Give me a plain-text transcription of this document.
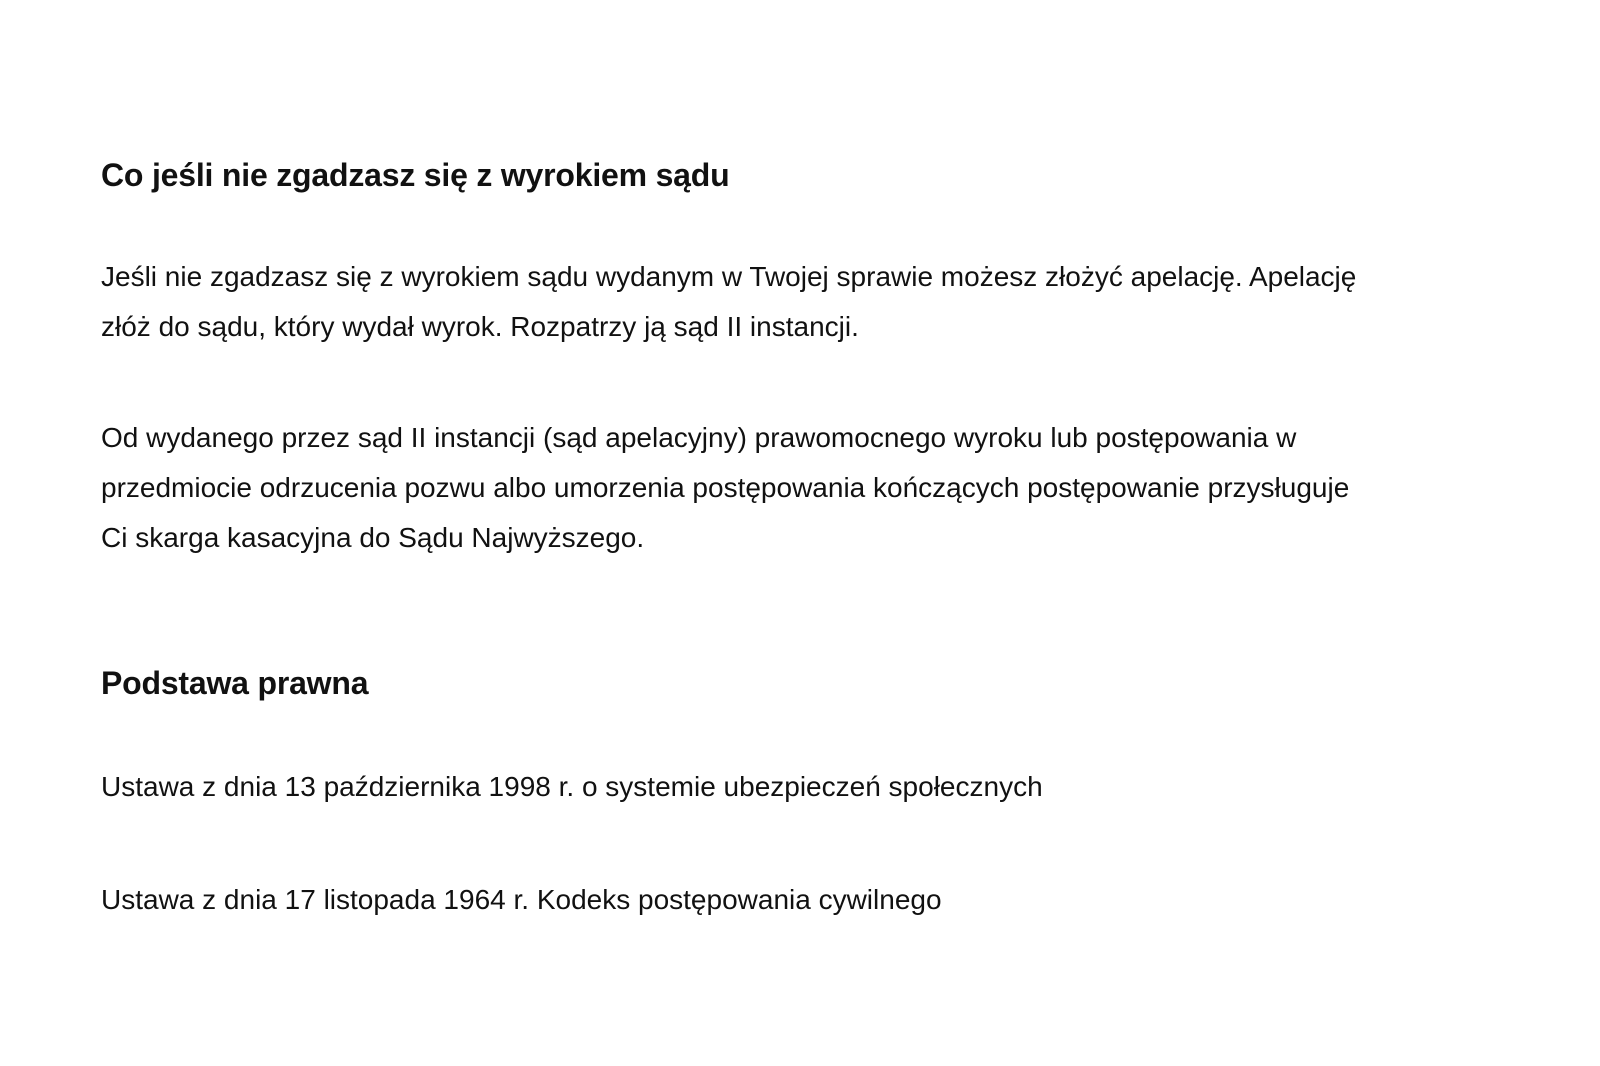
Co jeśli nie zgadzasz się z wyrokiem sądu

Jeśli nie zgadzasz się z wyrokiem sądu wydanym w Twojej sprawie możesz złożyć apelację. Apelację
złóż do sądu, który wydał wyrok. Rozpatrzy ją sąd II instancji.

Od wydanego przez sąd II instancji (sąd apelacyjny) prawomocnego wyroku lub postępowania w
przedmiocie odrzucenia pozwu albo umorzenia postępowania kończących postępowanie przysługuje
Ci skarga kasacyjna do Sądu Najwyższego.

Podstawa prawna

Ustawa z dnia 13 października 1998 r. o systemie ubezpieczeń społecznych

Ustawa z dnia 17 listopada 1964 r. Kodeks postępowania cywilnego
